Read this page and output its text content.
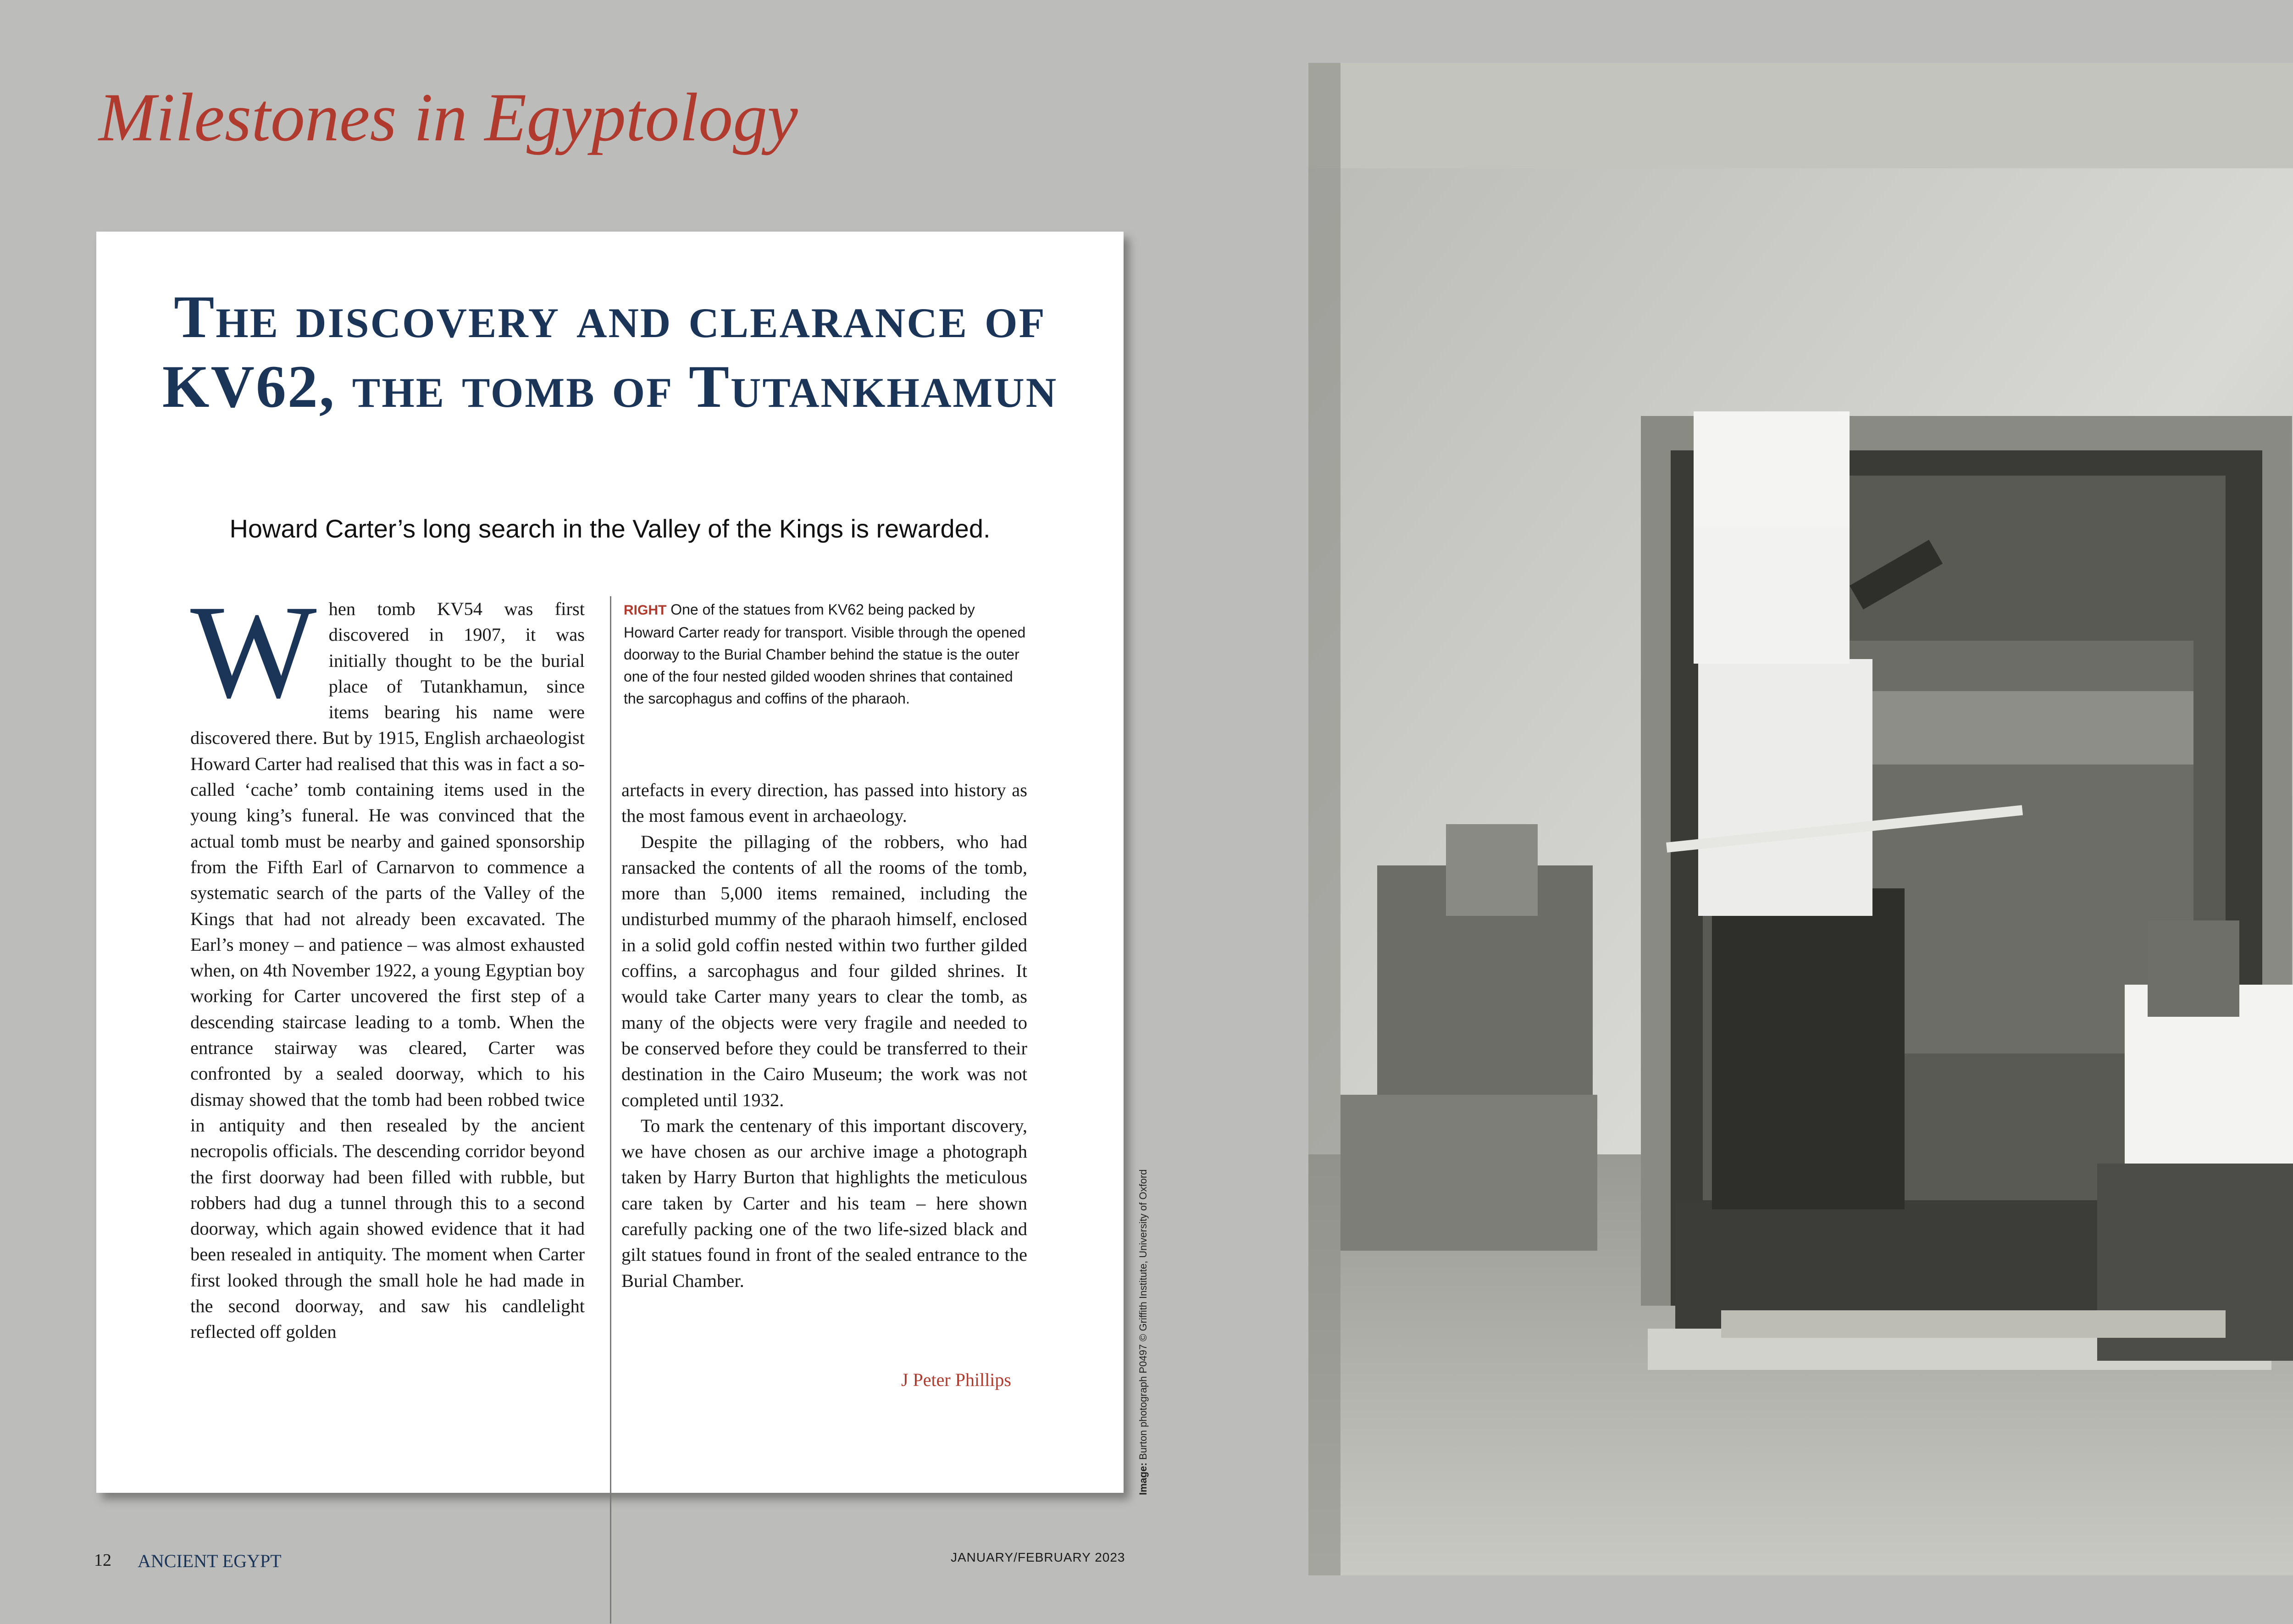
Milestones in Egyptology
The discovery and clearance of KV62, the tomb of Tutankhamun
Howard Carter’s long search in the Valley of the Kings is rewarded.

When tomb KV54 was first discovered in 1907, it was initially thought to be the burial place of Tutankhamun, since items bearing his name were discovered there. But by 1915, English archaeologist Howard Carter had realised that this was in fact a so-called ‘cache’ tomb containing items used in the young king’s funeral. He was convinced that the actual tomb must be nearby and gained sponsorship from the Fifth Earl of Carnarvon to commence a systematic search of the parts of the Valley of the Kings that had not already been excavated. The Earl’s money – and patience – was almost exhausted when, on 4th November 1922, a young Egyptian boy working for Carter uncovered the first step of a descending staircase leading to a tomb. When the entrance stairway was cleared, Carter was confronted by a sealed doorway, which to his dismay showed that the tomb had been robbed twice in antiquity and then resealed by the ancient necropolis officials. The descending corridor beyond the first doorway had been filled with rubble, but robbers had dug a tunnel through this to a second doorway, which again showed evidence that it had been resealed in antiquity. The moment when Carter first looked through the small hole he had made in the second doorway, and saw his candlelight reflected off golden

RIGHT One of the statues from KV62 being packed by Howard Carter ready for transport. Visible through the opened doorway to the Burial Chamber behind the statue is the outer one of the four nested gilded wooden shrines that contained the sarcophagus and coffins of the pharaoh.

artefacts in every direction, has passed into history as the most famous event in archaeology.

Despite the pillaging of the robbers, who had ransacked the contents of all the rooms of the tomb, more than 5,000 items remained, including the undisturbed mummy of the pharaoh himself, enclosed in a solid gold coffin nested within two further gilded coffins, a sarcophagus and four gilded shrines. It would take Carter many years to clear the tomb, as many of the objects were very fragile and needed to be conserved before they could be transferred to their destination in the Cairo Museum; the work was not completed until 1932.

To mark the centenary of this important discovery, we have chosen as our archive image a photograph taken by Harry Burton that highlights the meticulous care taken by Carter and his team – here shown carefully packing one of the two life-sized black and gilt statues found in front of the sealed entrance to the Burial Chamber.

J Peter Phillips
Image: Burton photograph P0497 © Griffith Institute, University of Oxford
12 ANCIENT EGYPT	JANUARY/FEBRUARY 2023
